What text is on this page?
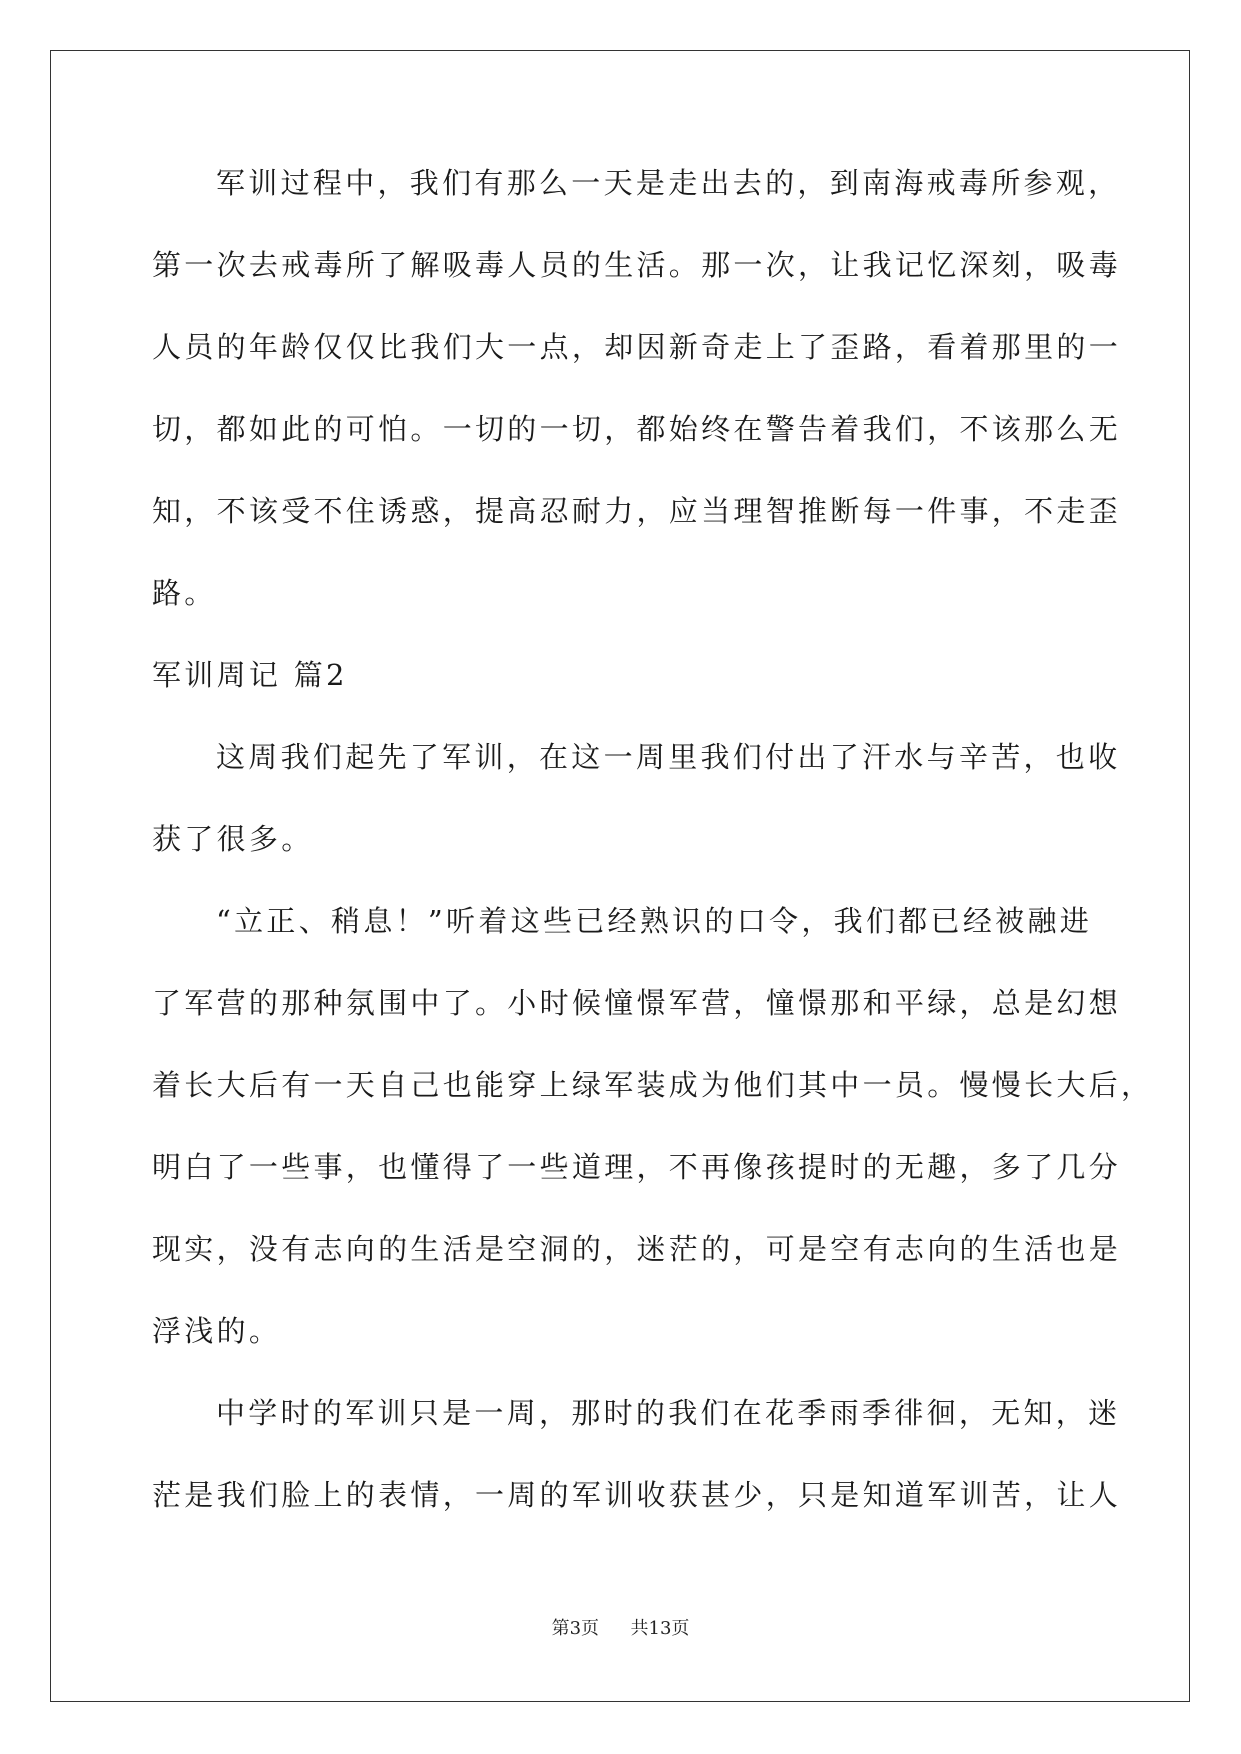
军训过程中，我们有那么一天是走出去的，到南海戒毒所参观，
第一次去戒毒所了解吸毒人员的生活。那一次，让我记忆深刻，吸毒
人员的年龄仅仅比我们大一点，却因新奇走上了歪路，看着那里的一
切，都如此的可怕。一切的一切，都始终在警告着我们，不该那么无
知，不该受不住诱惑，提高忍耐力，应当理智推断每一件事，不走歪
路。
军训周记 篇2
这周我们起先了军训，在这一周里我们付出了汗水与辛苦，也收
获了很多。
“立正、稍息！”听着这些已经熟识的口令，我们都已经被融进
了军营的那种氛围中了。小时候憧憬军营，憧憬那和平绿，总是幻想
着长大后有一天自己也能穿上绿军装成为他们其中一员。慢慢长大后，
明白了一些事，也懂得了一些道理，不再像孩提时的无趣，多了几分
现实，没有志向的生活是空洞的，迷茫的，可是空有志向的生活也是
浮浅的。
中学时的军训只是一周，那时的我们在花季雨季徘徊，无知，迷
茫是我们脸上的表情，一周的军训收获甚少，只是知道军训苦，让人
第3页 共13页
